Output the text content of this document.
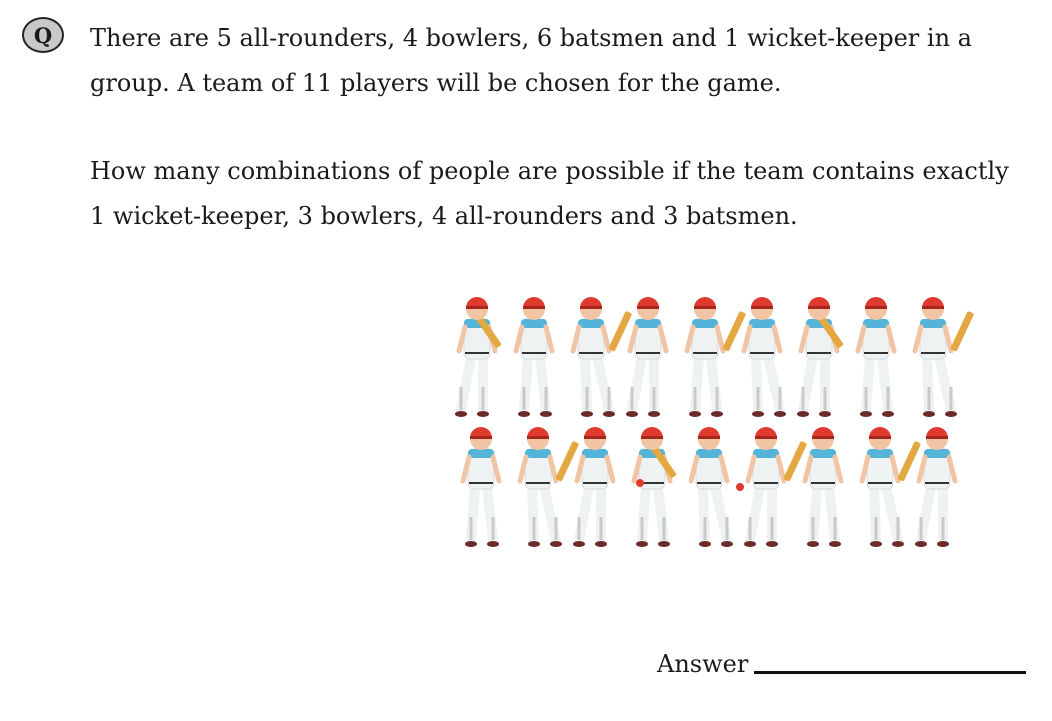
Q	There are 5 all-rounders, 4 bowlers, 6 batsmen and 1 wicket-keeper in a group. A team of 11 players will be chosen for the game.

How many combinations of people are possible if the team contains exactly 1 wicket-keeper, 3 bowlers, 4 all-rounders and 3 batsmen.

Answer
